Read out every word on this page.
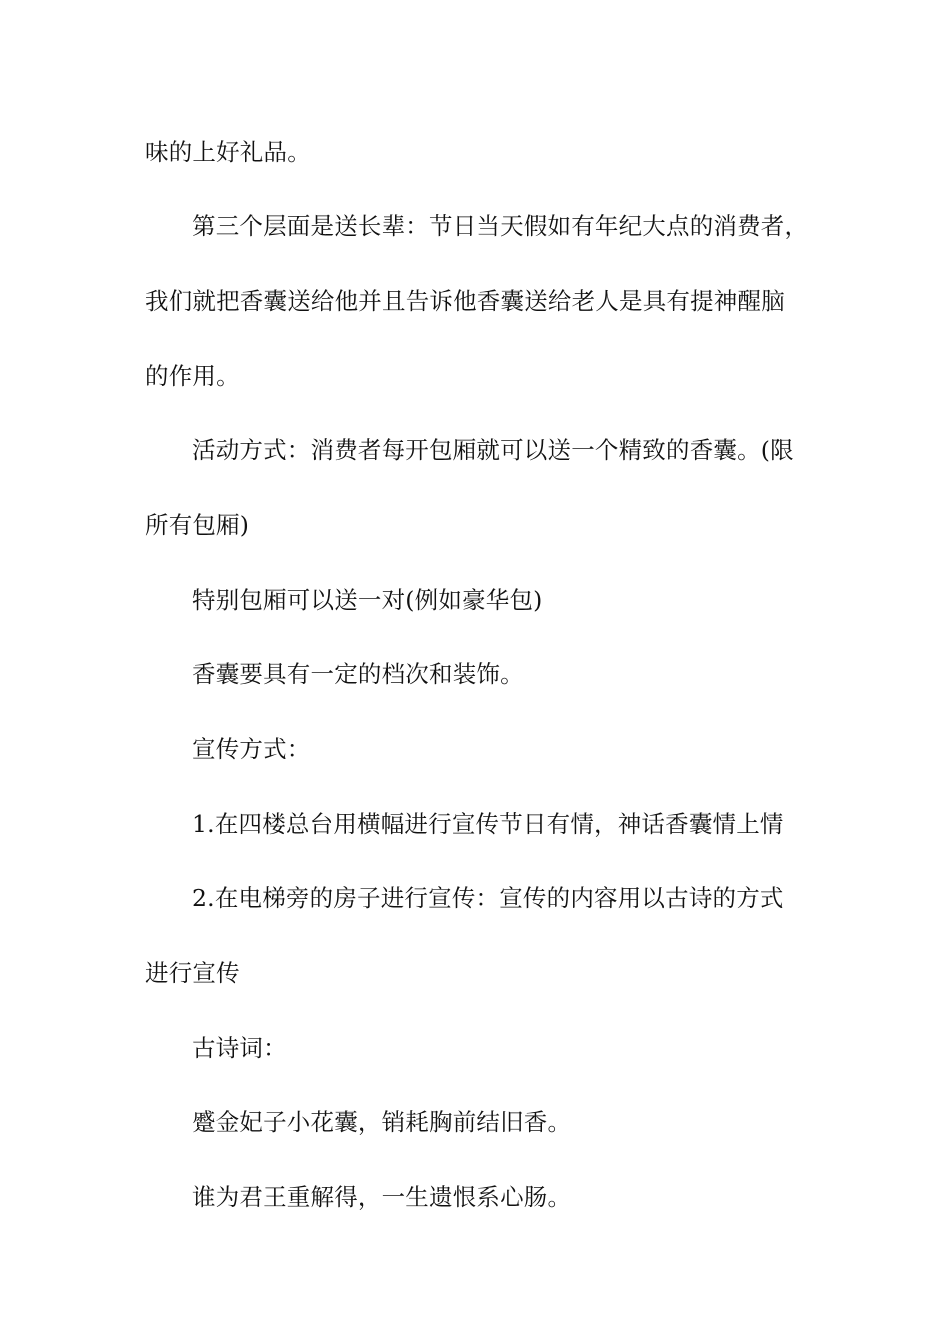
味的上好礼品。
第三个层面是送长辈：节日当天假如有年纪大点的消费者，
我们就把香囊送给他并且告诉他香囊送给老人是具有提神醒脑
的作用。
活动方式：消费者每开包厢就可以送一个精致的香囊。(限
所有包厢)
特别包厢可以送一对(例如豪华包)
香囊要具有一定的档次和装饰。
宣传方式：
1.在四楼总台用横幅进行宣传节日有情，神话香囊情上情
2.在电梯旁的房子进行宣传：宣传的内容用以古诗的方式
进行宣传
古诗词：
蹙金妃子小花囊，销耗胸前结旧香。
谁为君王重解得，一生遗恨系心肠。
